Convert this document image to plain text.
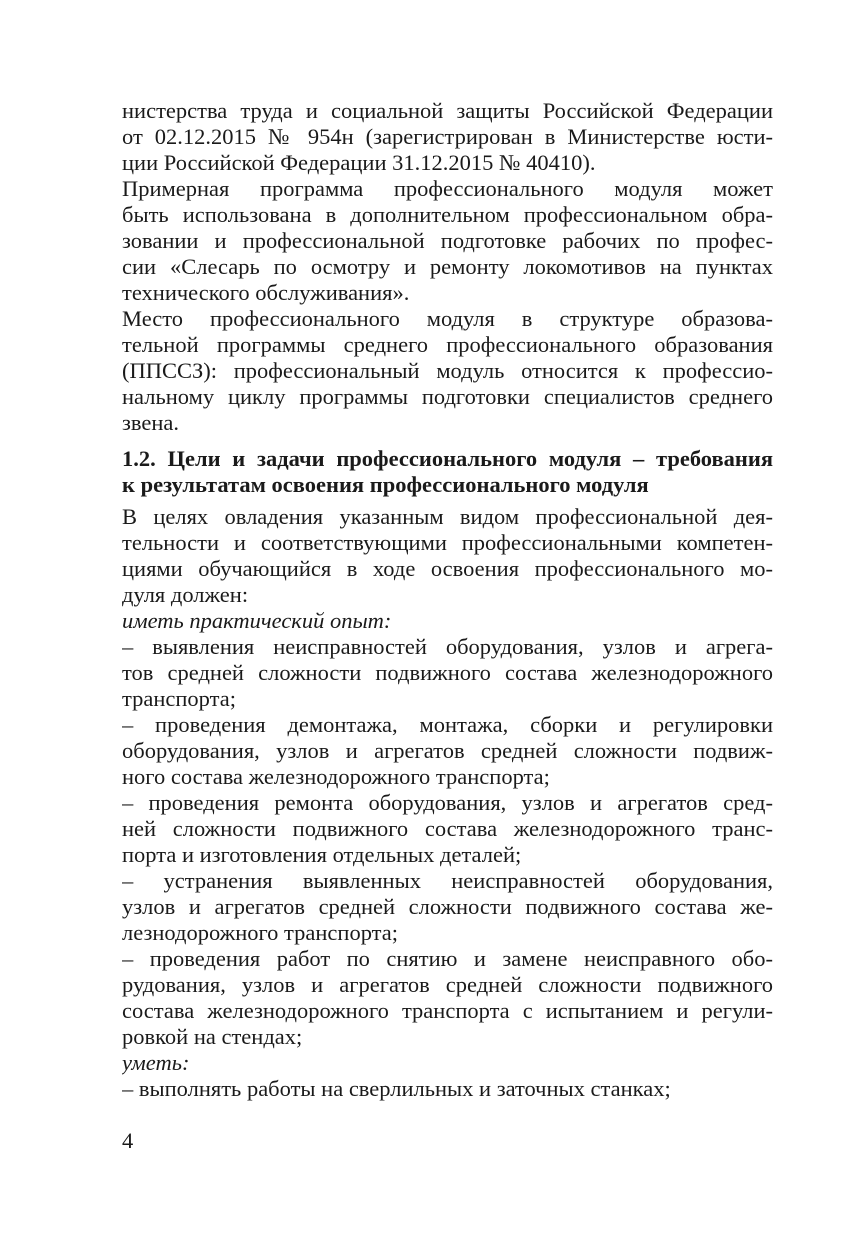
нистерства труда и социальной защиты Российской Федерации
от 02.12.2015 № 954н (зарегистрирован в Министерстве юсти-
ции Российской Федерации 31.12.2015 № 40410).
Примерная программа профессионального модуля может
быть использована в дополнительном профессиональном обра-
зовании и профессиональной подготовке рабочих по профес-
сии «Слесарь по осмотру и ремонту локомотивов на пунктах
технического обслуживания».
Место профессионального модуля в структуре образова-
тельной программы среднего профессионального образования
(ППССЗ): профессиональный модуль относится к профессио-
нальному циклу программы подготовки специалистов среднего
звена.
1.2. Цели и задачи профессионального модуля – требования
к результатам освоения профессионального модуля
В целях овладения указанным видом профессиональной дея-
тельности и соответствующими профессиональными компетен-
циями обучающийся в ходе освоения профессионального мо-
дуля должен:
иметь практический опыт:
– выявления неисправностей оборудования, узлов и агрега-
тов средней сложности подвижного состава железнодорожного
транспорта;
– проведения демонтажа, монтажа, сборки и регулировки
оборудования, узлов и агрегатов средней сложности подвиж-
ного состава железнодорожного транспорта;
– проведения ремонта оборудования, узлов и агрегатов сред-
ней сложности подвижного состава железнодорожного транс-
порта и изготовления отдельных деталей;
– устранения выявленных неисправностей оборудования,
узлов и агрегатов средней сложности подвижного состава же-
лезнодорожного транспорта;
– проведения работ по снятию и замене неисправного обо-
рудования, узлов и агрегатов средней сложности подвижного
состава железнодорожного транспорта с испытанием и регули-
ровкой на стендах;
уметь:
– выполнять работы на сверлильных и заточных станках;
4
